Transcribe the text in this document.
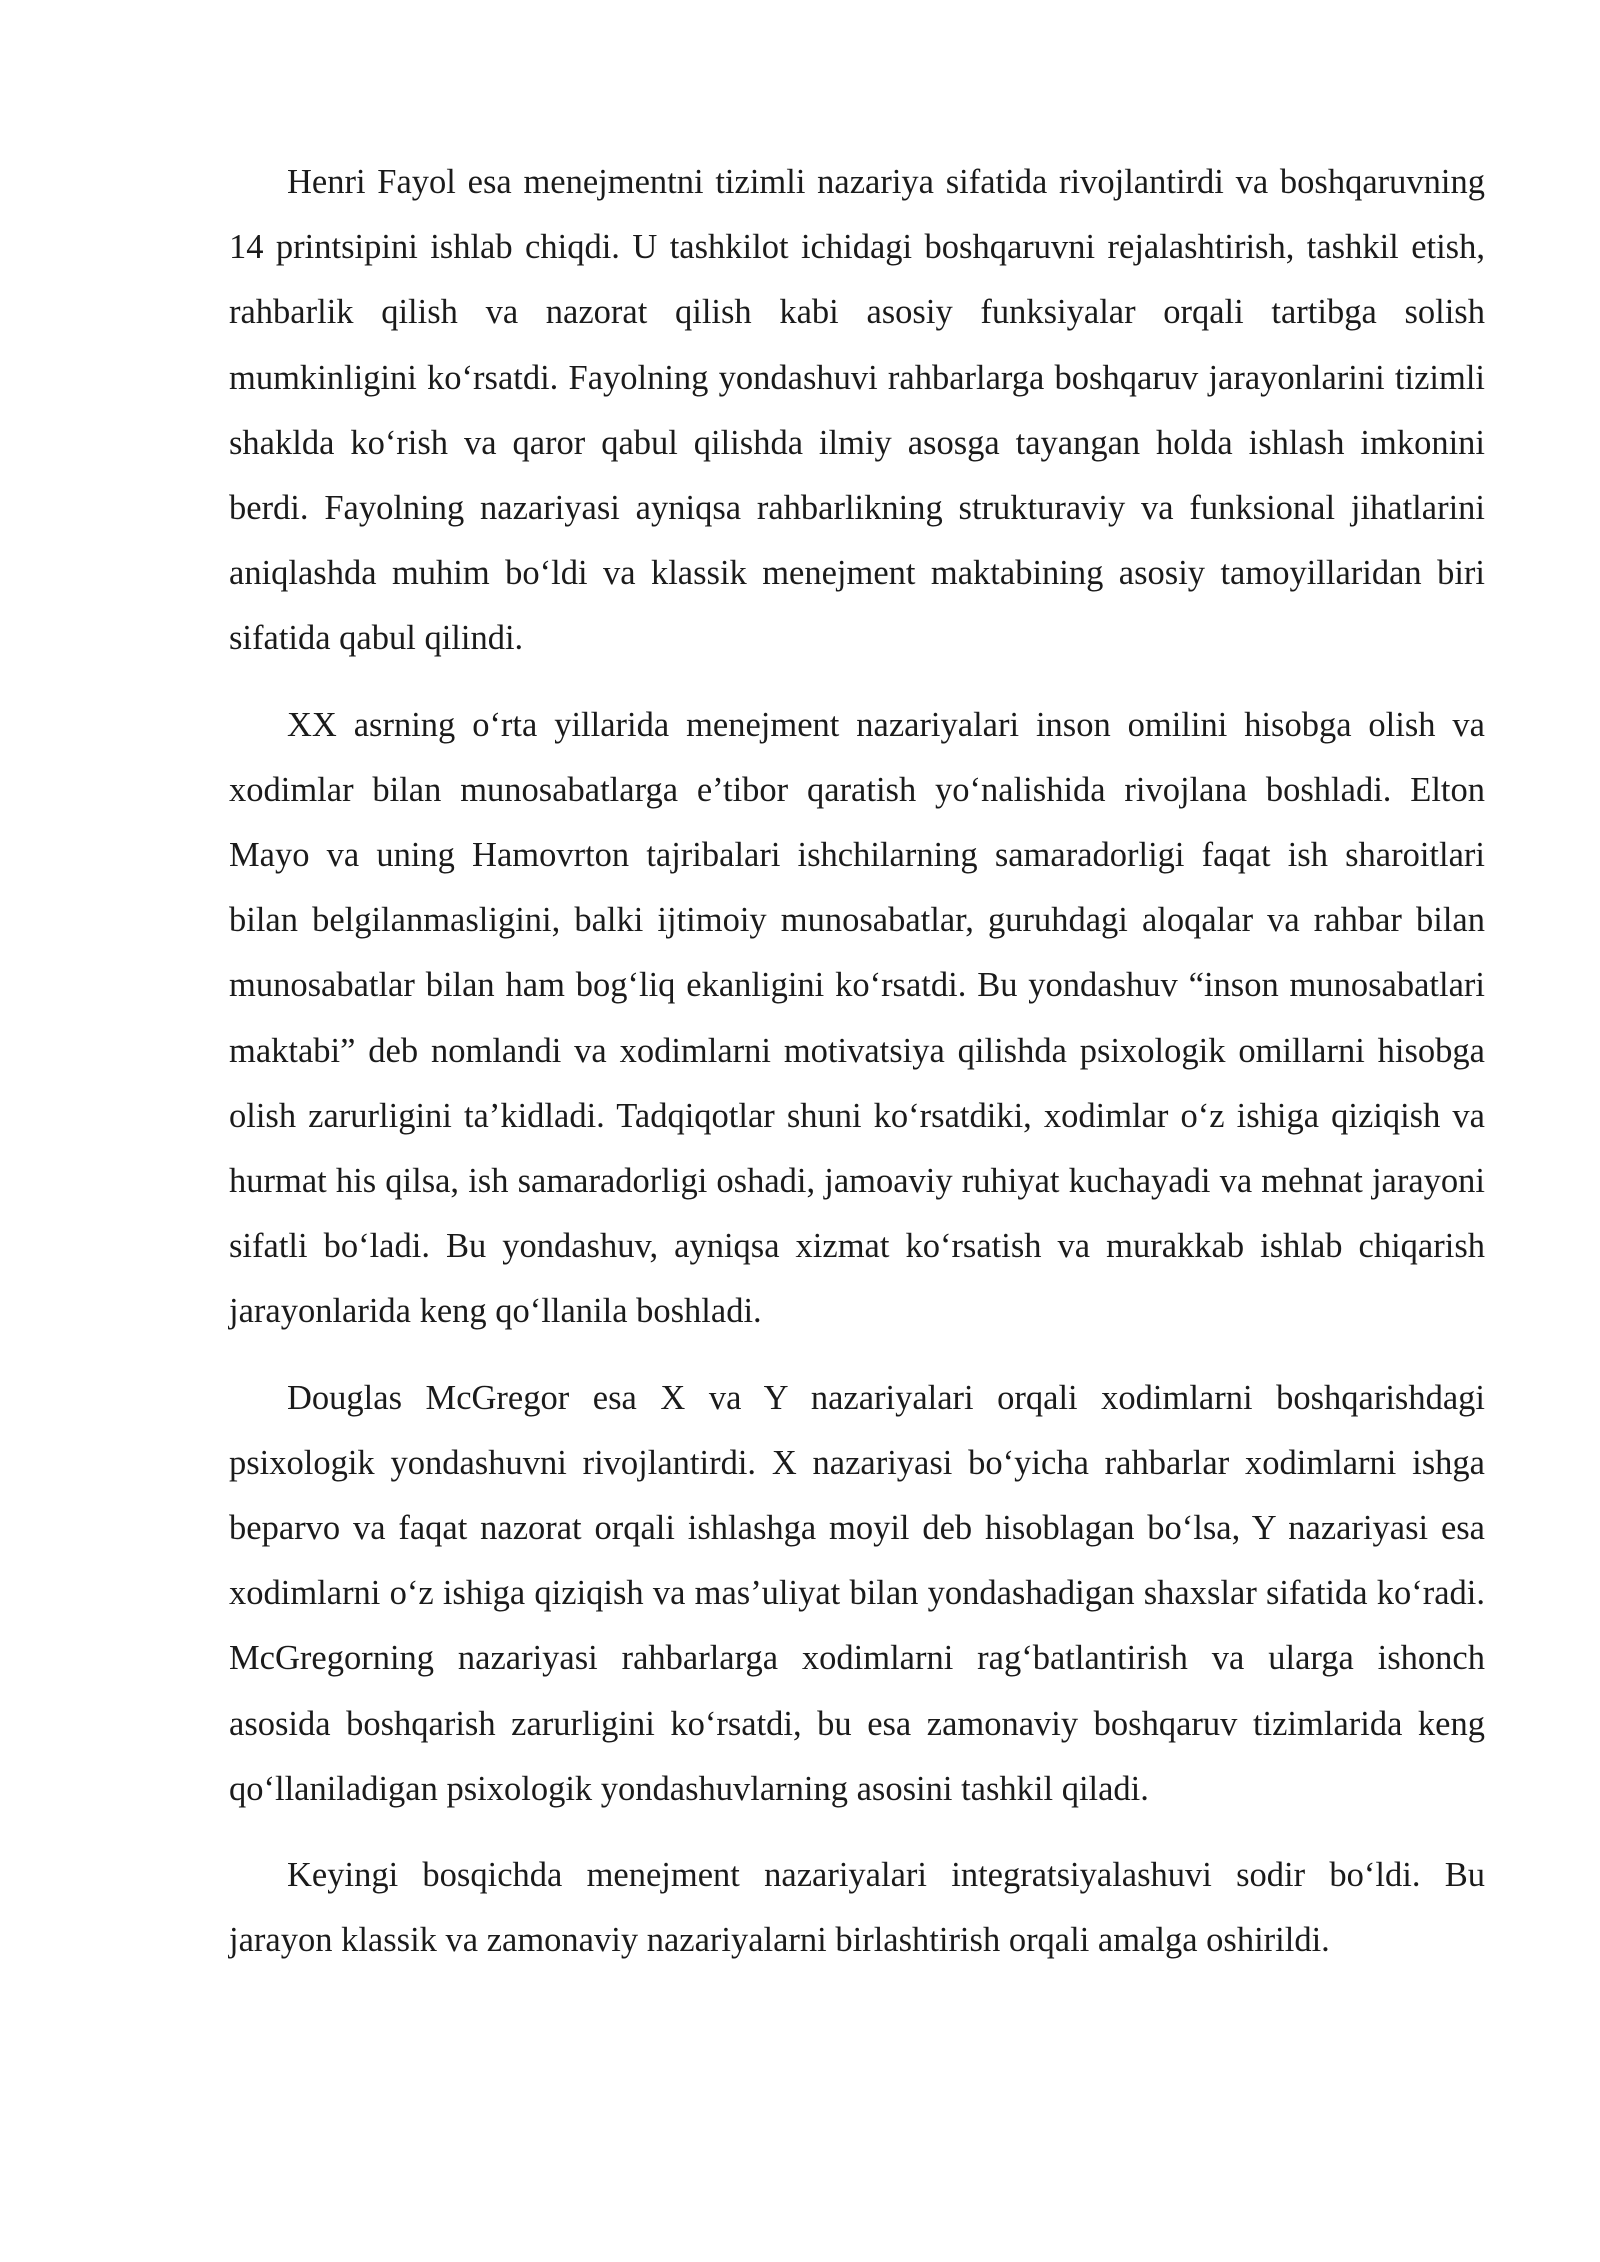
Henri Fayol esa menejmentni tizimli nazariya sifatida rivojlantirdi va boshqaruvning 14 printsipini ishlab chiqdi. U tashkilot ichidagi boshqaruvni rejalashtirish, tashkil etish, rahbarlik qilish va nazorat qilish kabi asosiy funksiyalar orqali tartibga solish mumkinligini ko‘rsatdi. Fayolning yondashuvi rahbarlarga boshqaruv jarayonlarini tizimli shaklda ko‘rish va qaror qabul qilishda ilmiy asosga tayangan holda ishlash imkonini berdi. Fayolning nazariyasi ayniqsa rahbarlikning strukturaviy va funksional jihatlarini aniqlashda muhim bo‘ldi va klassik menejment maktabining asosiy tamoyillaridan biri sifatida qabul qilindi.

XX asrning o‘rta yillarida menejment nazariyalari inson omilini hisobga olish va xodimlar bilan munosabatlarga e’tibor qaratish yo‘nalishida rivojlana boshladi. Elton Mayo va uning Hamovrton tajribalari ishchilarning samaradorligi faqat ish sharoitlari bilan belgilanmasligini, balki ijtimoiy munosabatlar, guruhdagi aloqalar va rahbar bilan munosabatlar bilan ham bog‘liq ekanligini ko‘rsatdi. Bu yondashuv “inson munosabatlari maktabi” deb nomlandi va xodimlarni motivatsiya qilishda psixologik omillarni hisobga olish zarurligini ta’kidladi. Tadqiqotlar shuni ko‘rsatdiki, xodimlar o‘z ishiga qiziqish va hurmat his qilsa, ish samaradorligi oshadi, jamoaviy ruhiyat kuchayadi va mehnat jarayoni sifatli bo‘ladi. Bu yondashuv, ayniqsa xizmat ko‘rsatish va murakkab ishlab chiqarish jarayonlarida keng qo‘llanila boshladi.

Douglas McGregor esa X va Y nazariyalari orqali xodimlarni boshqarishdagi psixologik yondashuvni rivojlantirdi. X nazariyasi bo‘yicha rahbarlar xodimlarni ishga beparvo va faqat nazorat orqali ishlashga moyil deb hisoblagan bo‘lsa, Y nazariyasi esa xodimlarni o‘z ishiga qiziqish va mas’uliyat bilan yondashadigan shaxslar sifatida ko‘radi. McGregorning nazariyasi rahbarlarga xodimlarni rag‘batlantirish va ularga ishonch asosida boshqarish zarurligini ko‘rsatdi, bu esa zamonaviy boshqaruv tizimlarida keng qo‘llaniladigan psixologik yondashuvlarning asosini tashkil qiladi.

Keyingi bosqichda menejment nazariyalari integratsiyalashuvi sodir bo‘ldi. Bu jarayon klassik va zamonaviy nazariyalarni birlashtirish orqali amalga oshirildi.
